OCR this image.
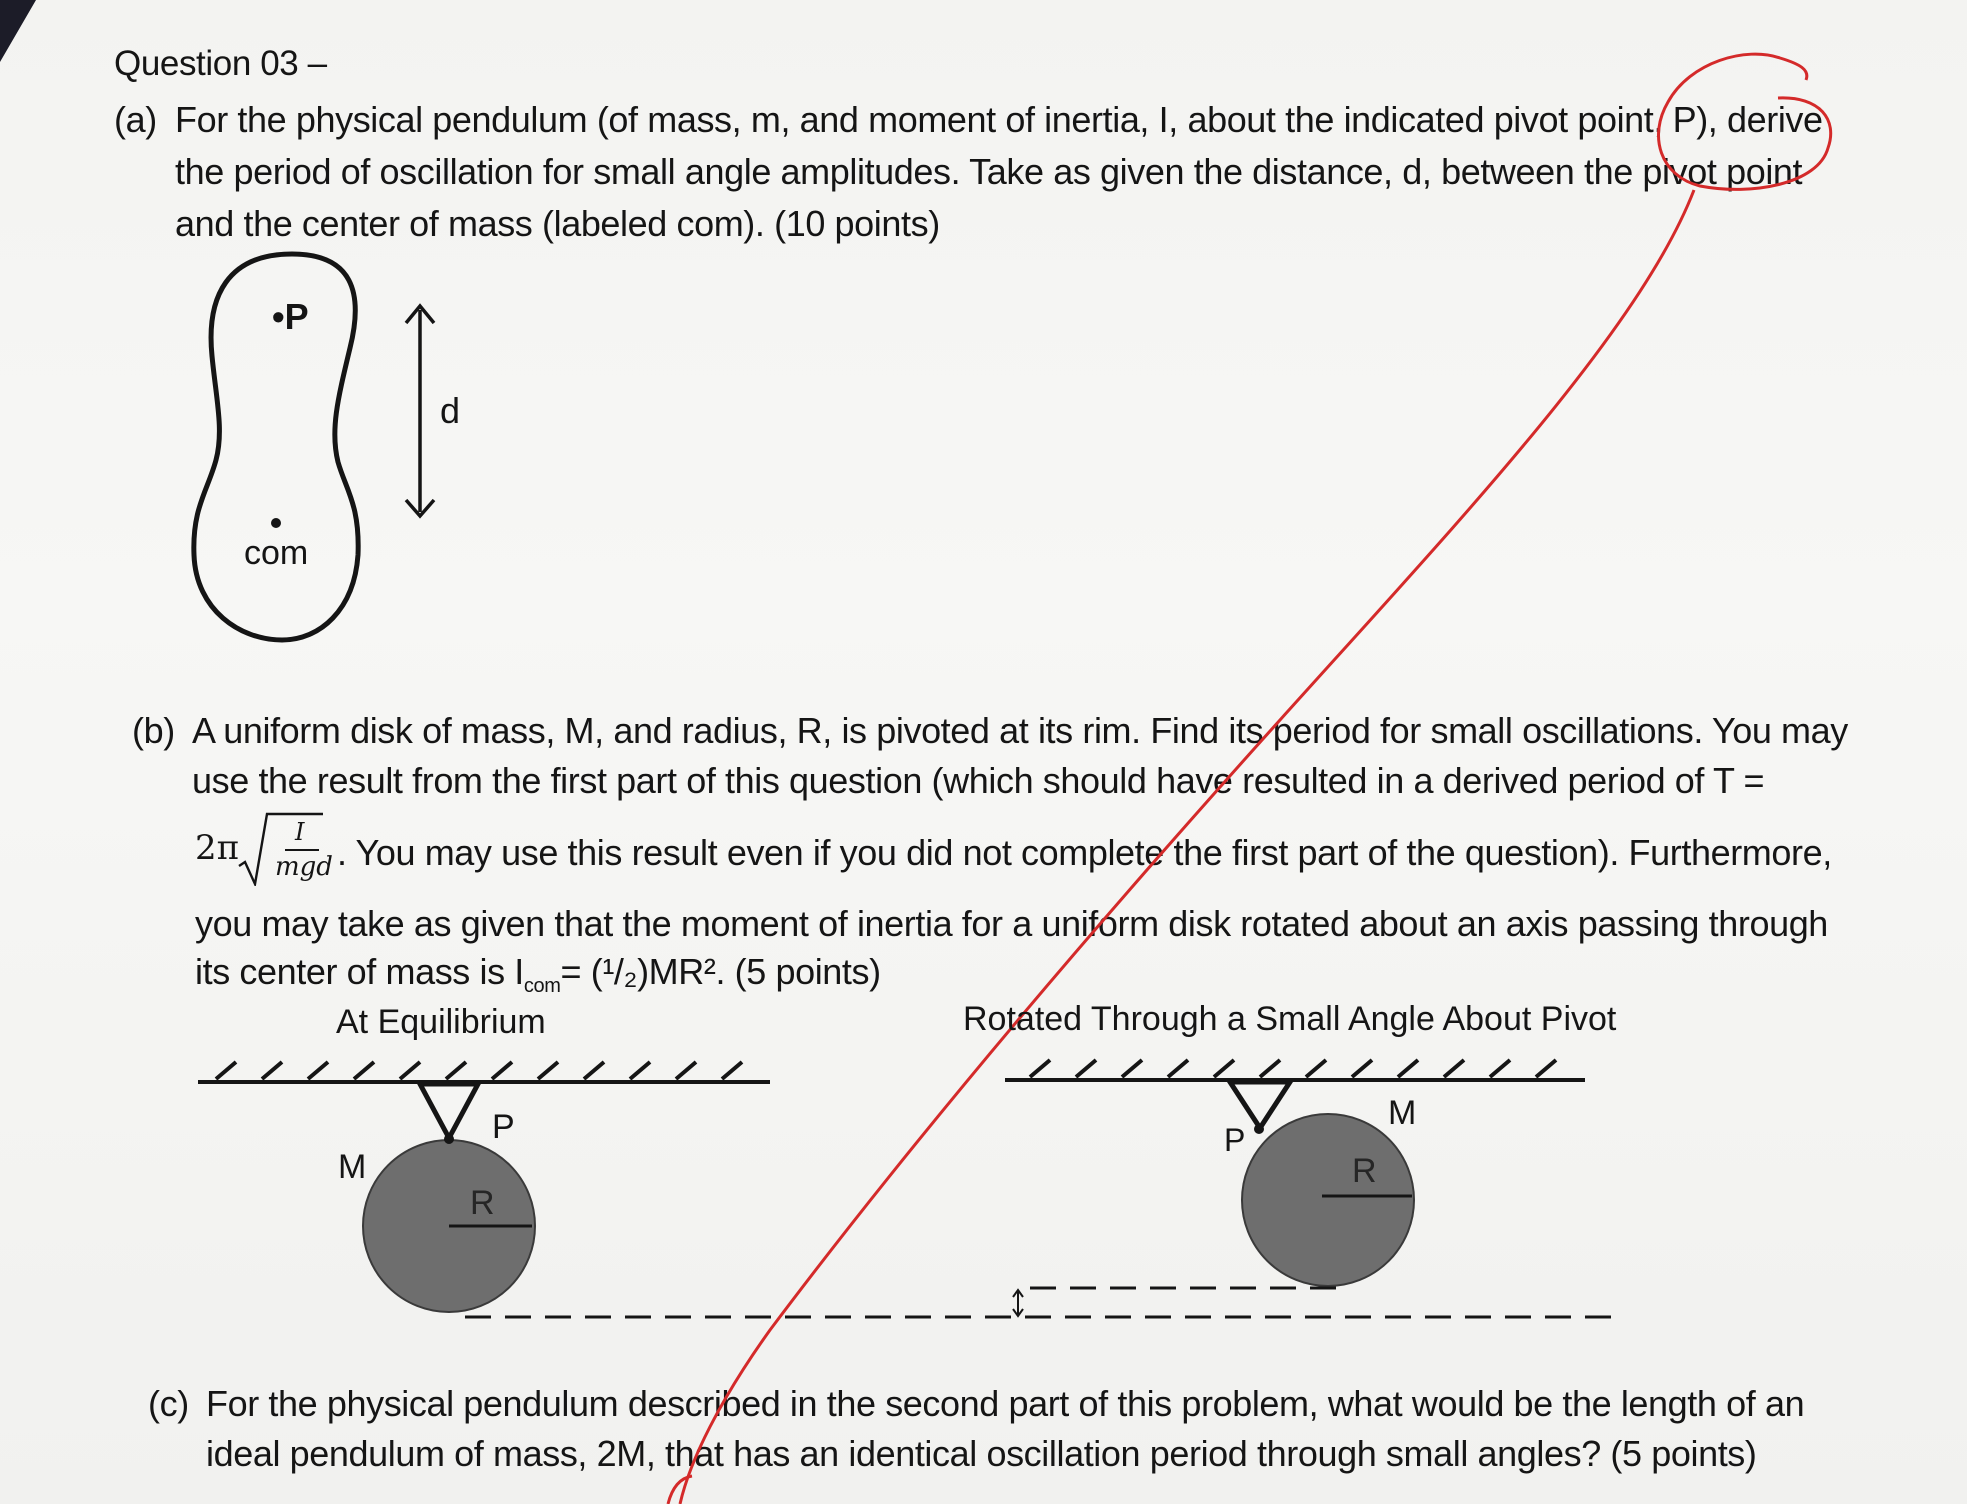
Question 03 –
(a) For the physical pendulum (of mass, m, and moment of inertia, I, about the indicated pivot point, P), derive
the period of oscillation for small angle amplitudes. Take as given the distance, d, between the pivot point
and the center of mass (labeled com). (10 points)
(b) A uniform disk of mass, M, and radius, R, is pivoted at its rim. Find its period for small oscillations. You may
use the result from the first part of this question (which should have resulted in a derived period of T =
2π I
mgd . You may use this result even if you did not complete the first part of the question). Furthermore,
you may take as given that the moment of inertia for a uniform disk rotated about an axis passing through
its center of mass is $I_{com}= (^1/_2)MR^2$. (5 points)
(c) For the physical pendulum described in the second part of this problem, what would be the length of an
ideal pendulum of mass, 2M, that has an identical oscillation period through small angles? (5 points)
•P
com
d
At Equilibrium
M
P
R
Rotated Through a Small Angle About Pivot
M
P
R
